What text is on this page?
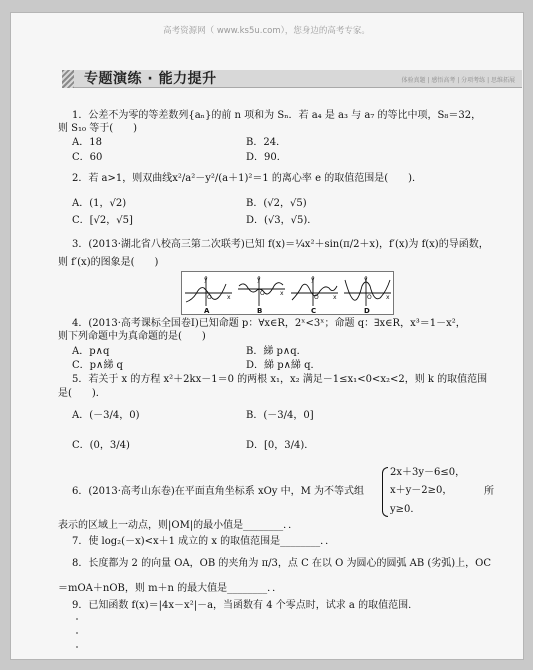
高考资源网（ www.ks5u.com），您身边的高考专家。
专题演练 · 能力提升	体验真题 | 感悟高考 | 分项考练 | 思维拓展
1．公差不为零的等差数列{aₙ}的前 n 项和为 Sₙ．若 a₄ 是 a₃ 与 a₇ 的等比中项，S₈＝32，
则 S₁₀ 等于(　　)
A．18	B．24．
C．60	D．90．
2．若 a>1，则双曲线x²/a²－y²/(a＋1)²＝1 的离心率 e 的取值范围是(　　)．
A．(1，√2)	B．(√2，√5)
C．[√2，√5]	D．(√3，√5)．
3．(2013·湖北省八校高三第二次联考)已知 f(x)＝¼x²＋sin(π/2＋x)，f′(x)为 f(x)的导函数，
则 f′(x)的图象是(　　)
y	y	y	y
O
O
O	O
x
x
x	x
A	B	C	D
4．(2013·高考课标全国卷Ⅰ)已知命题 p：∀x∈R，2ˣ<3ˣ；命题 q：∃x∈R，x³＝1－x²，
则下列命题中为真命题的是(　　)
A．p∧q	B．綈 p∧q．
C．p∧綈 q	D．綈 p∧綈 q．
5．若关于 x 的方程 x²＋2kx－1＝0 的两根 x₁，x₂ 满足－1≤x₁<0<x₂<2，则 k 的取值范围
是(　　)．
A．(－3/4，0)	B．(－3/4，0]
C．(0，3/4)	D．[0，3/4)．
6．(2013·高考山东卷)在平面直角坐标系 xOy 中，M 为不等式组
2x＋3y－6≤0，
x＋y－2≥0，
y≥0．
所
表示的区域上一动点，则|OM|的最小值是________．．
7．使 log₂(－x)<x＋1 成立的 x 的取值范围是________．．
8．长度都为 2 的向量 OA，OB 的夹角为 π/3，点 C 在以 O 为圆心的圆弧 AB (劣弧)上，OC
＝mOA＋nOB，则 m＋n 的最大值是________．．
9．已知函数 f(x)＝|4x－x²|－a，当函数有 4 个零点时，试求 a 的取值范围．
